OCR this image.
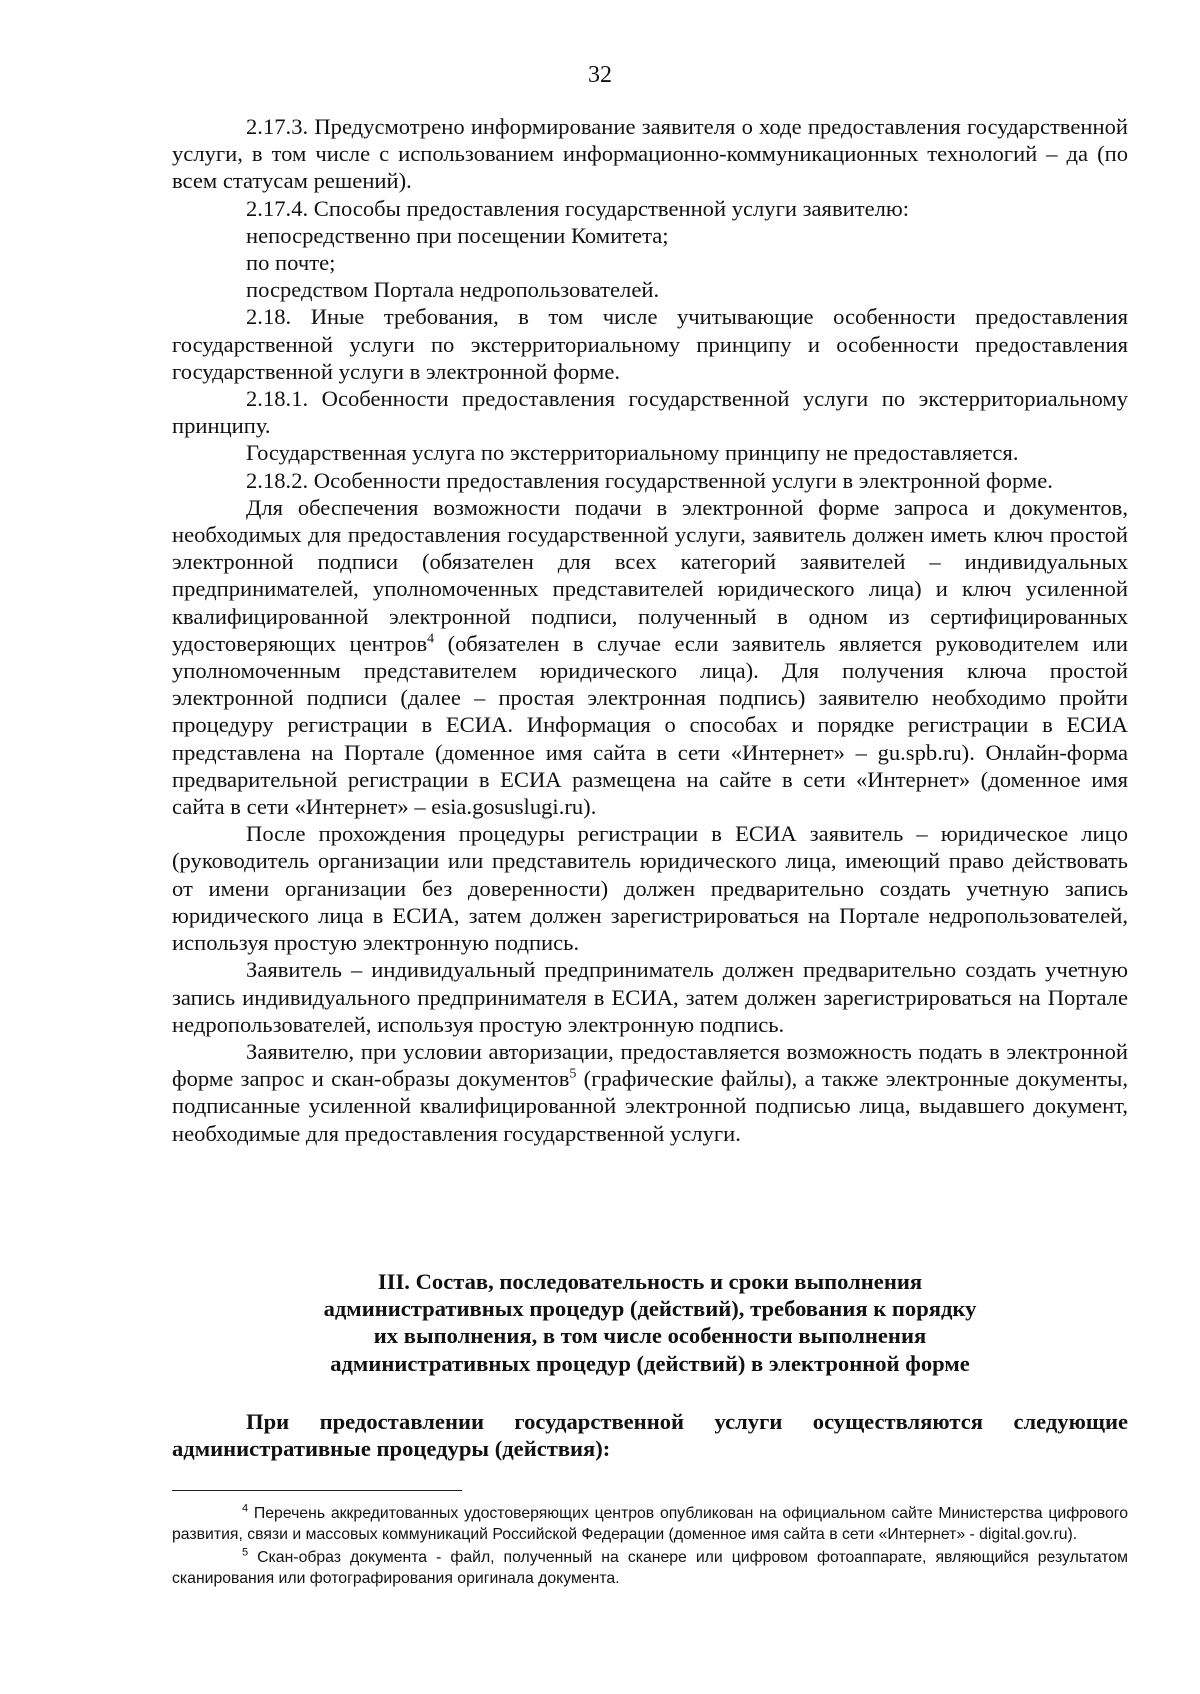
32

2.17.3. Предусмотрено информирование заявителя о ходе предоставления государственной услуги, в том числе с использованием информационно-коммуникационных технологий – да (по всем статусам решений).

2.17.4. Способы предоставления государственной услуги заявителю:

непосредственно при посещении Комитета;

по почте;

посредством Портала недропользователей.

2.18. Иные требования, в том числе учитывающие особенности предоставления государственной услуги по экстерриториальному принципу и особенности предоставления государственной услуги в электронной форме.

2.18.1. Особенности предоставления государственной услуги по экстерриториальному принципу.

Государственная услуга по экстерриториальному принципу не предоставляется.

2.18.2. Особенности предоставления государственной услуги в электронной форме.

Для обеспечения возможности подачи в электронной форме запроса и документов, необходимых для предоставления государственной услуги, заявитель должен иметь ключ простой электронной подписи (обязателен для всех категорий заявителей – индивидуальных предпринимателей, уполномоченных представителей юридического лица) и ключ усиленной квалифицированной электронной подписи, полученный в одном из сертифицированных удостоверяющих центров$^4$ (обязателен в случае если заявитель является руководителем или уполномоченным представителем юридического лица). Для получения ключа простой электронной подписи (далее – простая электронная подпись) заявителю необходимо пройти процедуру регистрации в ЕСИА. Информация о способах и порядке регистрации в ЕСИА представлена на Портале (доменное имя сайта в сети «Интернет» – gu.spb.ru). Онлайн-форма предварительной регистрации в ЕСИА размещена на сайте в сети «Интернет» (доменное имя сайта в сети «Интернет» – esia.gosuslugi.ru).

После прохождения процедуры регистрации в ЕСИА заявитель – юридическое лицо (руководитель организации или представитель юридического лица, имеющий право действовать от имени организации без доверенности) должен предварительно создать учетную запись юридического лица в ЕСИА, затем должен зарегистрироваться на Портале недропользователей, используя простую электронную подпись.

Заявитель – индивидуальный предприниматель должен предварительно создать учетную запись индивидуального предпринимателя в ЕСИА, затем должен зарегистрироваться на Портале недропользователей, используя простую электронную подпись.

Заявителю, при условии авторизации, предоставляется возможность подать в электронной форме запрос и скан-образы документов$^5$ (графические файлы), а также электронные документы, подписанные усиленной квалифицированной электронной подписью лица, выдавшего документ, необходимые для предоставления государственной услуги.

III. Состав, последовательность и сроки выполнения
административных процедур (действий), требования к порядку
их выполнения, в том числе особенности выполнения
административных процедур (действий) в электронной форме
При предоставлении государственной услуги осуществляются следующие административные процедуры (действия):

$^4$ Перечень аккредитованных удостоверяющих центров опубликован на официальном сайте Министерства цифрового развития, связи и массовых коммуникаций Российской Федерации (доменное имя сайта в сети «Интернет» - digital.gov.ru).

$^5$ Скан-образ документа - файл, полученный на сканере или цифровом фотоаппарате, являющийся результатом сканирования или фотографирования оригинала документа.
